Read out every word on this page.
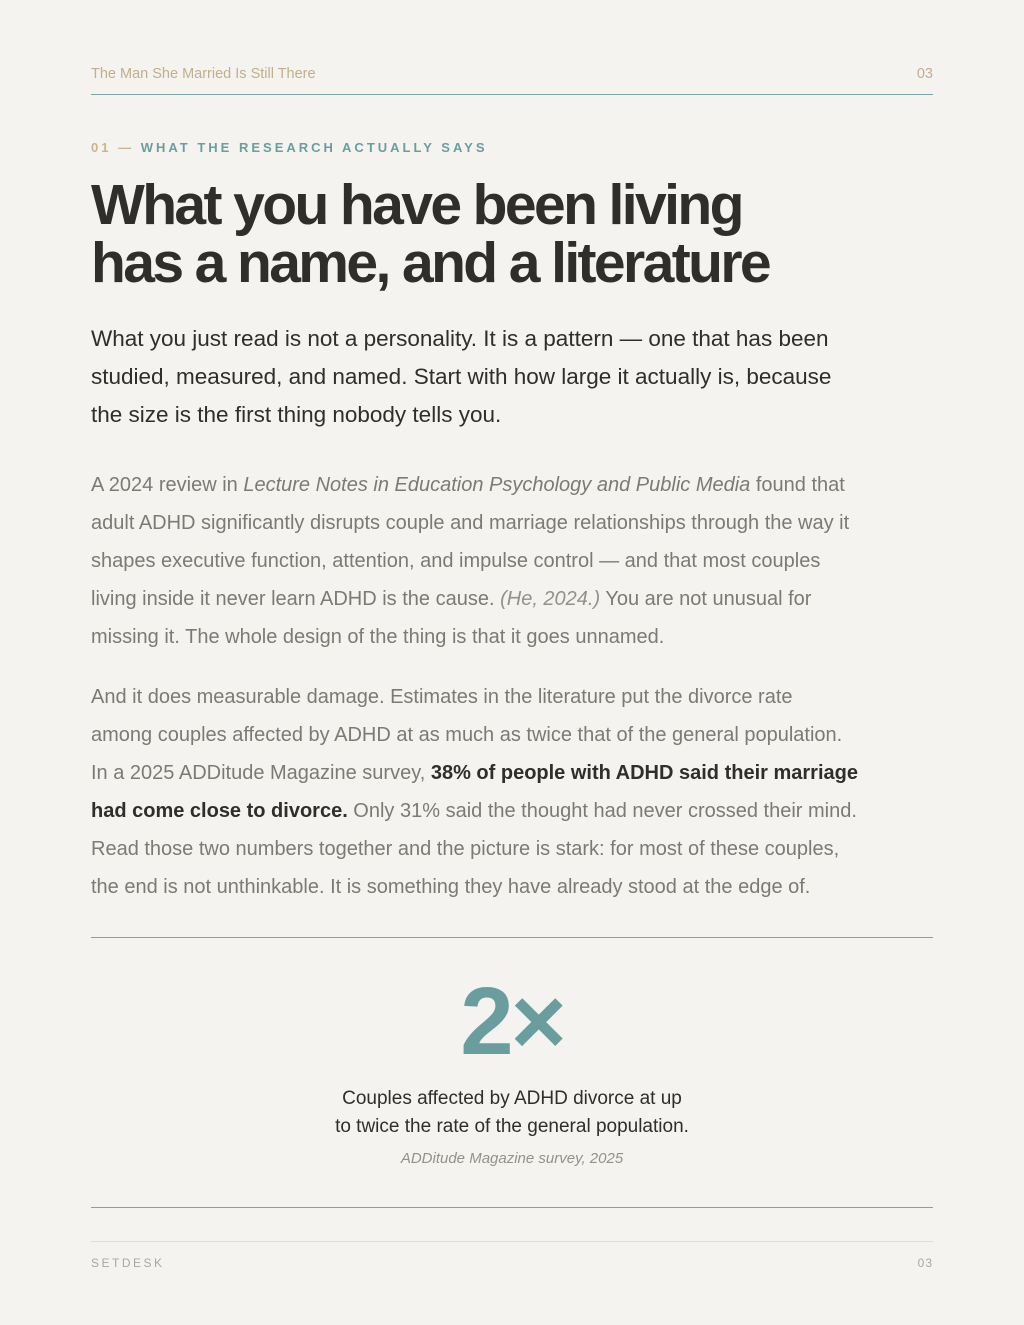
The Man She Married Is Still There	03
01 — WHAT THE RESEARCH ACTUALLY SAYS
What you have been living
has a name, and a literature

What you just read is not a personality. It is a pattern — one that has been
studied, measured, and named. Start with how large it actually is, because
the size is the first thing nobody tells you.

A 2024 review in Lecture Notes in Education Psychology and Public Media found that
adult ADHD significantly disrupts couple and marriage relationships through the way it
shapes executive function, attention, and impulse control — and that most couples
living inside it never learn ADHD is the cause. (He, 2024.) You are not unusual for
missing it. The whole design of the thing is that it goes unnamed.

And it does measurable damage. Estimates in the literature put the divorce rate
among couples affected by ADHD at as much as twice that of the general population.
In a 2025 ADDitude Magazine survey, 38% of people with ADHD said their marriage
had come close to divorce. Only 31% said the thought had never crossed their mind.
Read those two numbers together and the picture is stark: for most of these couples,
the end is not unthinkable. It is something they have already stood at the edge of.

2×
Couples affected by ADHD divorce at up
to twice the rate of the general population.
ADDitude Magazine survey, 2025
SETDESK	03
